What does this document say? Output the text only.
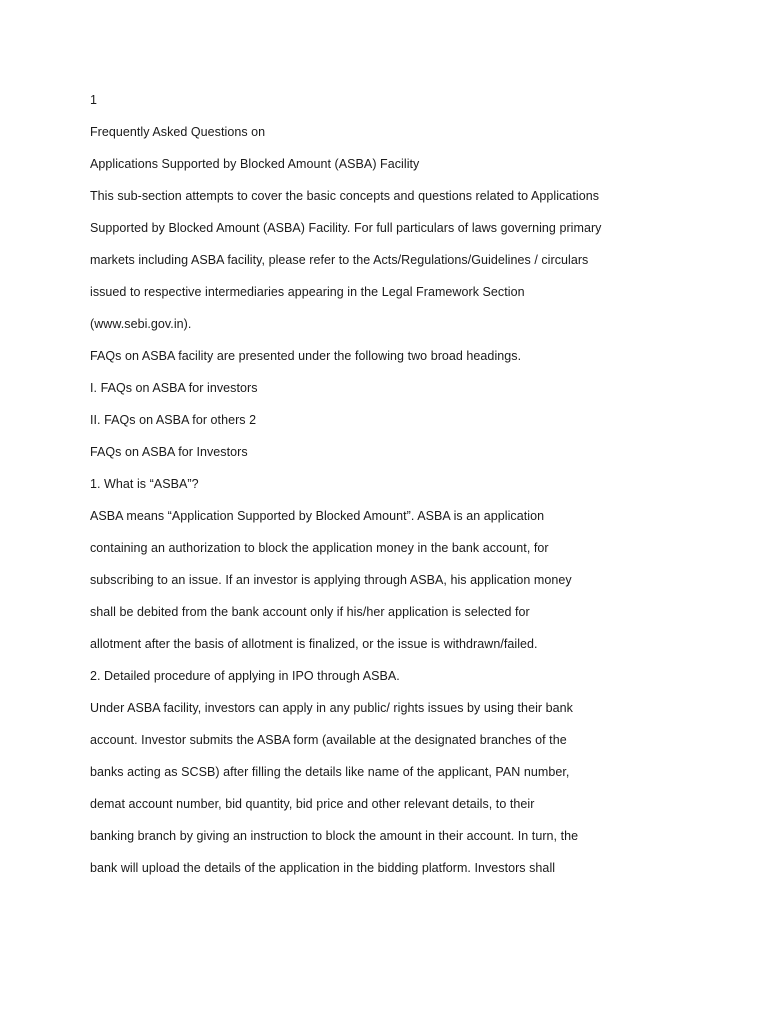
1
Frequently Asked Questions on
Applications Supported by Blocked Amount (ASBA) Facility
This sub-section attempts to cover the basic concepts and questions related to Applications
Supported by Blocked Amount (ASBA) Facility. For full particulars of laws governing primary
markets including ASBA facility, please refer to the Acts/Regulations/Guidelines / circulars
issued to respective intermediaries appearing in the Legal Framework Section
(www.sebi.gov.in).
FAQs on ASBA facility are presented under the following two broad headings.
I. FAQs on ASBA for investors
II. FAQs on ASBA for others 2
FAQs on ASBA for Investors
1. What is “ASBA”?
ASBA means “Application Supported by Blocked Amount”. ASBA is an application
containing an authorization to block the application money in the bank account, for
subscribing to an issue. If an investor is applying through ASBA, his application money
shall be debited from the bank account only if his/her application is selected for
allotment after the basis of allotment is finalized, or the issue is withdrawn/failed.
2. Detailed procedure of applying in IPO through ASBA.
Under ASBA facility, investors can apply in any public/ rights issues by using their bank
account. Investor submits the ASBA form (available at the designated branches of the
banks acting as SCSB) after filling the details like name of the applicant, PAN number,
demat account number, bid quantity, bid price and other relevant details, to their
banking branch by giving an instruction to block the amount in their account. In turn, the
bank will upload the details of the application in the bidding platform. Investors shall
